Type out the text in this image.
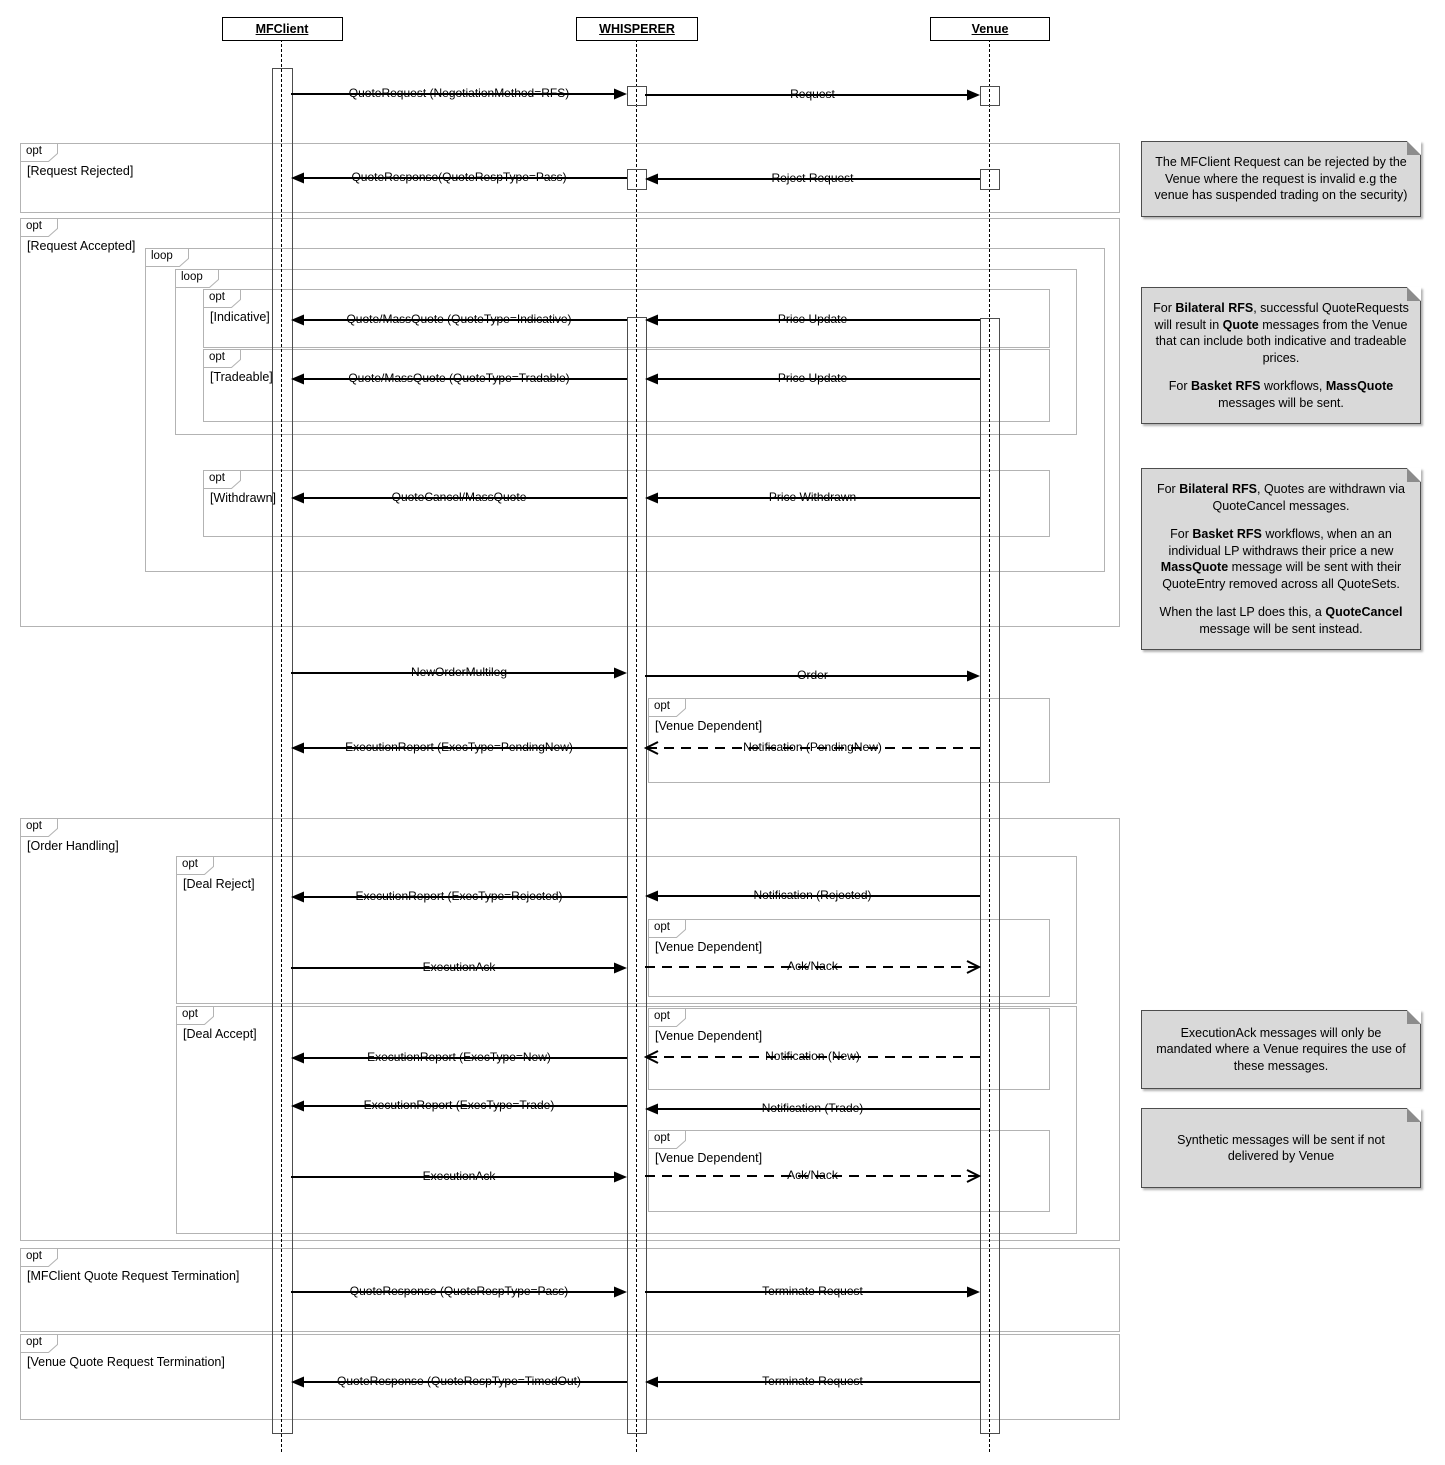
opt
[Request Rejected]
opt
[Request Accepted]
loop
loop
opt
[Indicative]
opt
[Tradeable]
opt
[Withdrawn]
opt
[Venue Dependent]
opt
[Order Handling]
opt
[Deal Reject]
opt
[Venue Dependent]
opt
[Deal Accept]
opt
[Venue Dependent]
opt
[Venue Dependent]
opt
[MFClient Quote Request Termination]
opt
[Venue Quote Request Termination]
MFClient	WHISPERER	Venue
QuoteRequest (NegotiationMethod=RFS)	Request
QuoteResponse(QuoteRespType=Pass)	Reject Request
Quote/MassQuote (QuoteType=Indicative)	Price Update
Quote/MassQuote (QuoteType=Tradable)	Price Update
QuoteCancel/MassQuote	Price Withdrawn
NewOrderMultileg	Order
ExecutionReport (ExecType=PendingNew)	Notification (PendingNew)
ExecutionReport (ExecType=Rejected)	Notification (Rejected)
ExecutionAck	Ack/Nack
ExecutionReport (ExecType=New)	Notification (New)
ExecutionReport (ExecType=Trade)	Notification (Trade)
ExecutionAck	Ack/Nack
QuoteResponse (QuoteRespType=Pass)	Terminate Request
QuoteResponse (QuoteRespType=TimedOut)	Terminate Request
The MFClient Request can be rejected by the Venue where the request is invalid e.g the venue has suspended trading on the security)
For Bilateral RFS, successful QuoteRequests will result in Quote messages from the Venue that can include both indicative and tradeable prices.
For Basket RFS workflows, MassQuote messages will be sent.
For Bilateral RFS, Quotes are withdrawn via QuoteCancel messages.
For Basket RFS workflows, when an an individual LP withdraws their price a new MassQuote message will be sent with their QuoteEntry removed across all QuoteSets.
When the last LP does this, a QuoteCancel message will be sent instead.
ExecutionAck messages will only be mandated where a Venue requires the use of these messages.
Synthetic messages will be sent if not delivered by Venue
